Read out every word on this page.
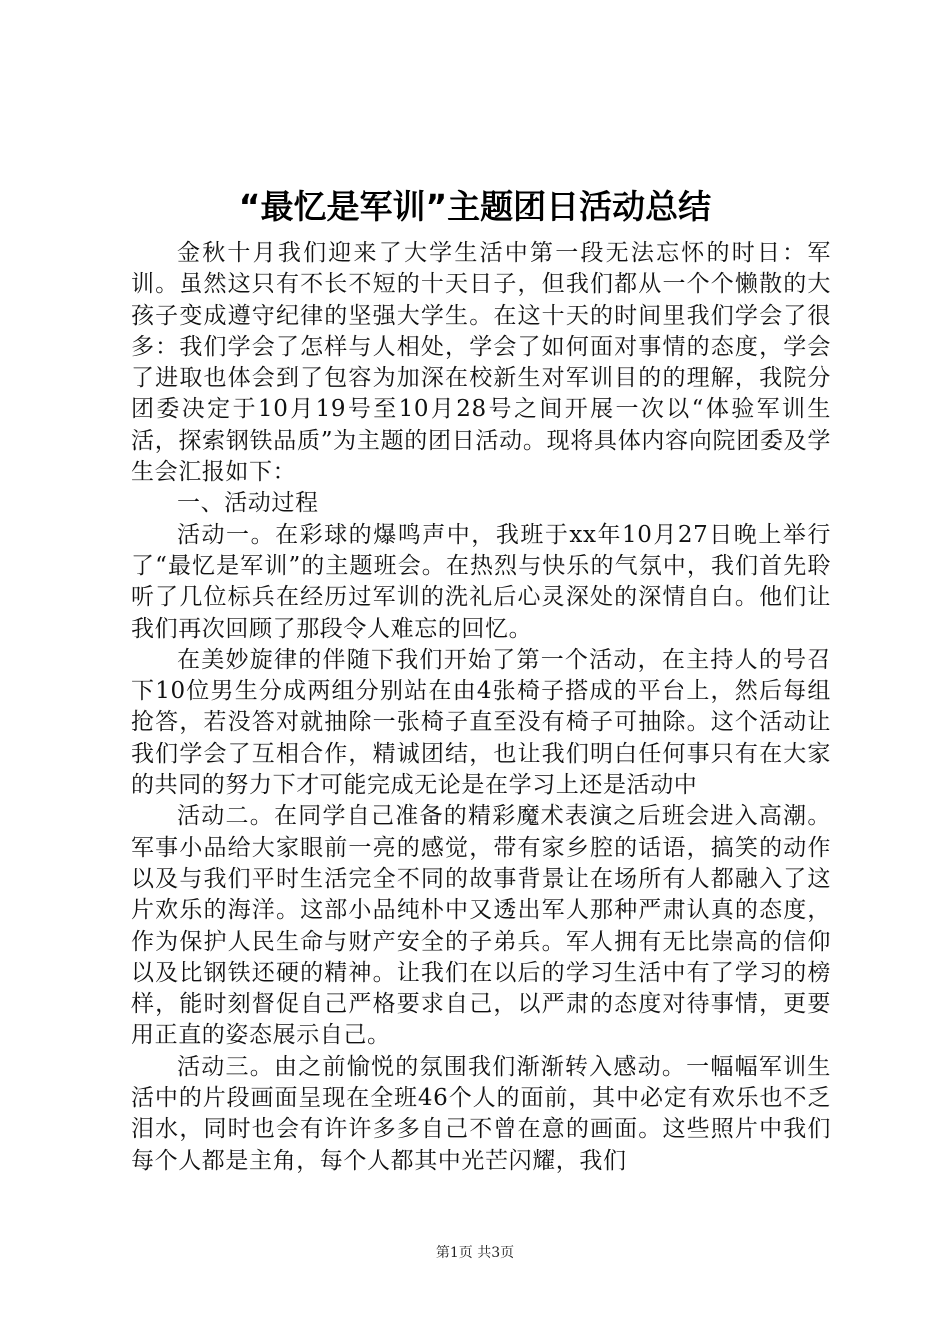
“最忆是军训”主题团日活动总结

金秋十月我们迎来了大学生活中第一段无法忘怀的时日：军训。虽然这只有不长不短的十天日子，但我们都从一个个懒散的大孩子变成遵守纪律的坚强大学生。在这十天的时间里我们学会了很多：我们学会了怎样与人相处，学会了如何面对事情的态度，学会了进取也体会到了包容为加深在校新生对军训目的的理解，我院分团委决定于10月19号至10月28号之间开展一次以“体验军训生活，探索钢铁品质”为主题的团日活动。现将具体内容向院团委及学生会汇报如下：

一、活动过程

活动一。在彩球的爆鸣声中，我班于xx年10月27日晚上举行了“最忆是军训”的主题班会。在热烈与快乐的气氛中，我们首先聆听了几位标兵在经历过军训的洗礼后心灵深处的深情自白。他们让我们再次回顾了那段令人难忘的回忆。

在美妙旋律的伴随下我们开始了第一个活动，在主持人的号召下10位男生分成两组分别站在由4张椅子搭成的平台上，然后每组抢答，若没答对就抽除一张椅子直至没有椅子可抽除。这个活动让我们学会了互相合作，精诚团结，也让我们明白任何事只有在大家的共同的努力下才可能完成无论是在学习上还是活动中

活动二。在同学自己准备的精彩魔术表演之后班会进入高潮。军事小品给大家眼前一亮的感觉，带有家乡腔的话语，搞笑的动作以及与我们平时生活完全不同的故事背景让在场所有人都融入了这片欢乐的海洋。这部小品纯朴中又透出军人那种严肃认真的态度，作为保护人民生命与财产安全的子弟兵。军人拥有无比崇高的信仰以及比钢铁还硬的精神。让我们在以后的学习生活中有了学习的榜样，能时刻督促自己严格要求自己，以严肃的态度对待事情，更要用正直的姿态展示自己。

活动三。由之前愉悦的氛围我们渐渐转入感动。一幅幅军训生活中的片段画面呈现在全班46个人的面前，其中必定有欢乐也不乏泪水，同时也会有许许多多自己不曾在意的画面。这些照片中我们每个人都是主角，每个人都其中光芒闪耀，我们

第1页 共3页
